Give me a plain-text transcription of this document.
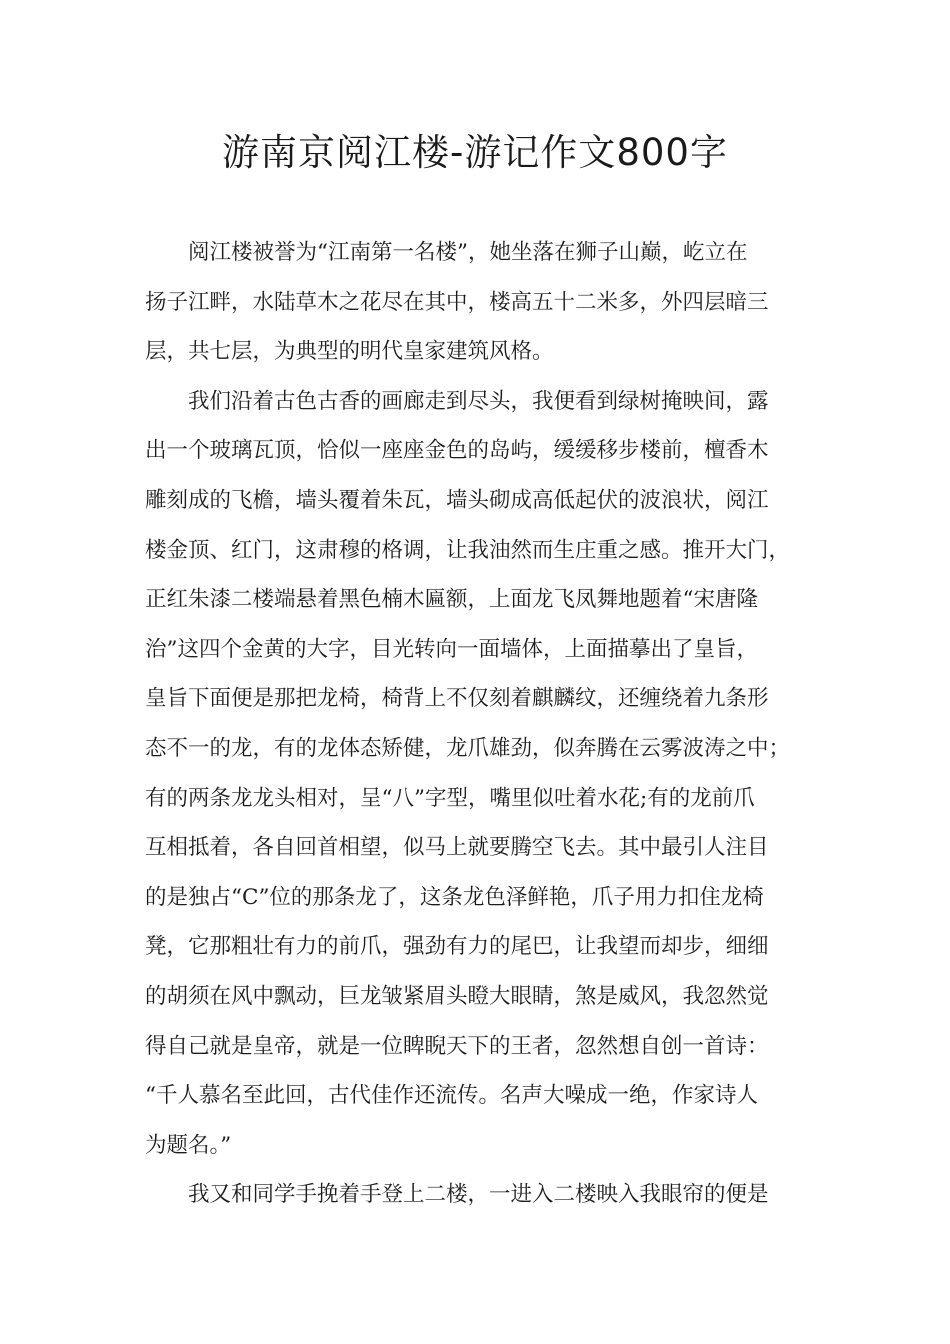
游南京阅江楼-游记作文800字

阅江楼被誉为“江南第一名楼”，她坐落在狮子山巅，屹立在
扬子江畔，水陆草木之花尽在其中，楼高五十二米多，外四层暗三
层，共七层，为典型的明代皇家建筑风格。

我们沿着古色古香的画廊走到尽头，我便看到绿树掩映间，露
出一个玻璃瓦顶，恰似一座座金色的岛屿，缓缓移步楼前，檀香木
雕刻成的飞檐，墙头覆着朱瓦，墙头砌成高低起伏的波浪状，阅江
楼金顶、红门，这肃穆的格调，让我油然而生庄重之感。推开大门，
正红朱漆二楼端悬着黑色楠木匾额，上面龙飞凤舞地题着“宋唐隆
治”这四个金黄的大字，目光转向一面墙体，上面描摹出了皇旨，
皇旨下面便是那把龙椅，椅背上不仅刻着麒麟纹，还缠绕着九条形
态不一的龙，有的龙体态矫健，龙爪雄劲，似奔腾在云雾波涛之中；
有的两条龙龙头相对，呈“八”字型，嘴里似吐着水花;有的龙前爪
互相抵着，各自回首相望，似马上就要腾空飞去。其中最引人注目
的是独占“C”位的那条龙了，这条龙色泽鲜艳，爪子用力扣住龙椅
凳，它那粗壮有力的前爪，强劲有力的尾巴，让我望而却步，细细
的胡须在风中飘动，巨龙皱紧眉头瞪大眼睛，煞是威风，我忽然觉
得自己就是皇帝，就是一位睥睨天下的王者，忽然想自创一首诗：
“千人慕名至此回，古代佳作还流传。名声大噪成一绝，作家诗人
为题名。”

我又和同学手挽着手登上二楼，一进入二楼映入我眼帘的便是
